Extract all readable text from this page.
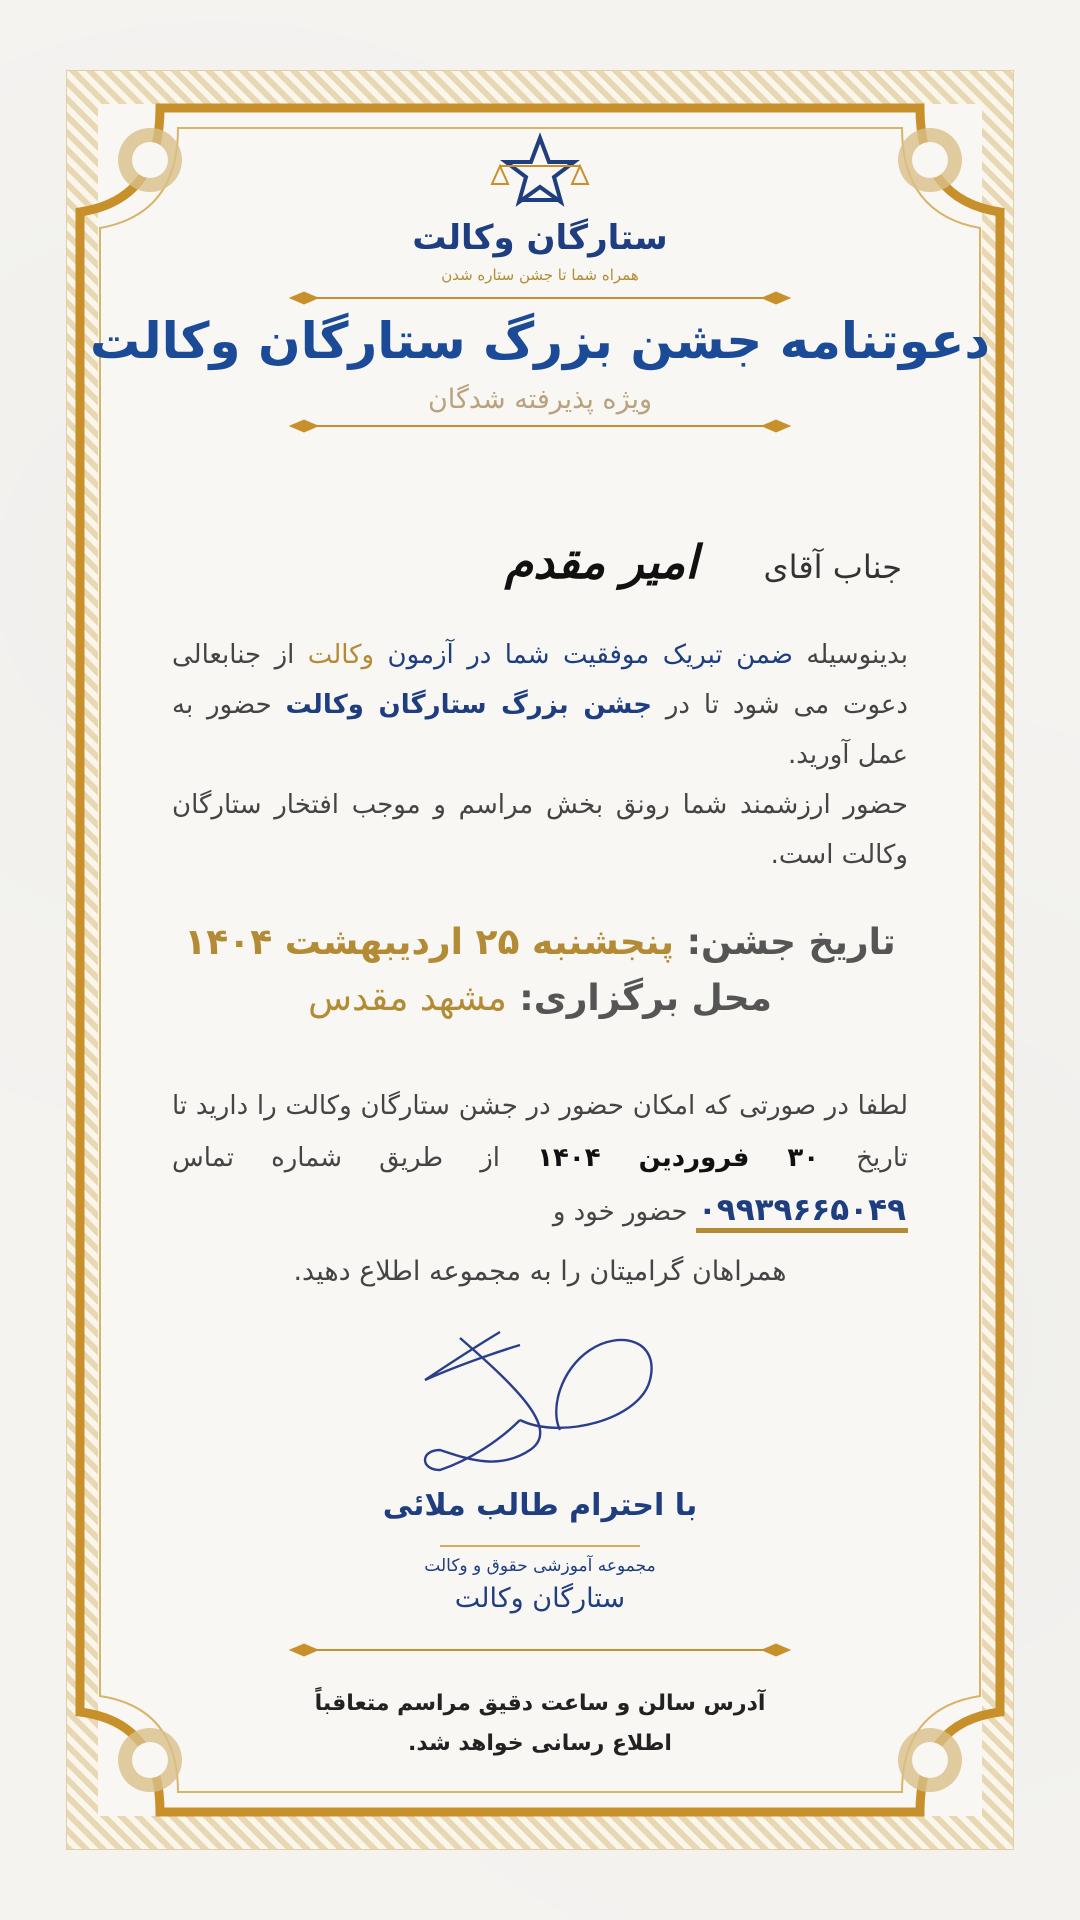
ستارگان وکالت
همراه شما تا جشن ستاره شدن
دعوتنامه جشن بزرگ ستارگان وکالت
ویژه پذیرفته شدگان
جناب آقای
امیر مقدم
بدینوسیله ضمن تبریک موفقیت شما در آزمون وکالت از جنابعالی دعوت می شود تا در جشن بزرگ ستارگان وکالت حضور به عمل آورید.
حضور ارزشمند شما رونق بخش مراسم و موجب افتخار ستارگان وکالت است.
تاریخ جشن: پنجشنبه ۲۵ اردیبهشت ۱۴۰۴
محل برگزاری: مشهد مقدس
لطفا در صورتی که امکان حضور در جشن ستارگان وکالت را دارید تا تاریخ ۳۰ فروردین ۱۴۰۴ از طریق شماره تماس ۰۹۹۳۹۶۶۵۰۴۹ حضور خود و
همراهان گرامیتان را به مجموعه اطلاع دهید.
با احترام طالب ملائی
مجموعه آموزشی حقوق و وکالت
ستارگان وکالت
آدرس سالن و ساعت دقیق مراسم متعاقباً
اطلاع رسانی خواهد شد.
